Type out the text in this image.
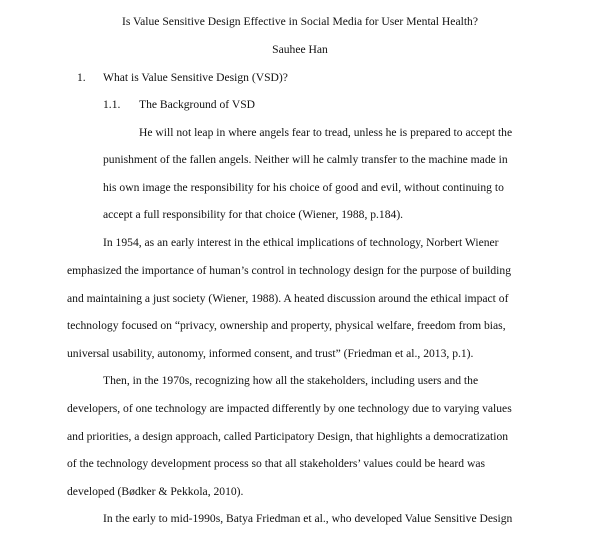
Is Value Sensitive Design Effective in Social Media for User Mental Health?
Sauhee Han
1. What is Value Sensitive Design (VSD)?
1.1. The Background of VSD
He will not leap in where angels fear to tread, unless he is prepared to accept the
punishment of the fallen angels. Neither will he calmly transfer to the machine made in
his own image the responsibility for his choice of good and evil, without continuing to
accept a full responsibility for that choice (Wiener, 1988, p.184).
In 1954, as an early interest in the ethical implications of technology, Norbert Wiener
emphasized the importance of human’s control in technology design for the purpose of building
and maintaining a just society (Wiener, 1988). A heated discussion around the ethical impact of
technology focused on “privacy, ownership and property, physical welfare, freedom from bias,
universal usability, autonomy, informed consent, and trust” (Friedman et al., 2013, p.1).
Then, in the 1970s, recognizing how all the stakeholders, including users and the
developers, of one technology are impacted differently by one technology due to varying values
and priorities, a design approach, called Participatory Design, that highlights a democratization
of the technology development process so that all stakeholders’ values could be heard was
developed (Bødker & Pekkola, 2010).
In the early to mid-1990s, Batya Friedman et al., who developed Value Sensitive Design
